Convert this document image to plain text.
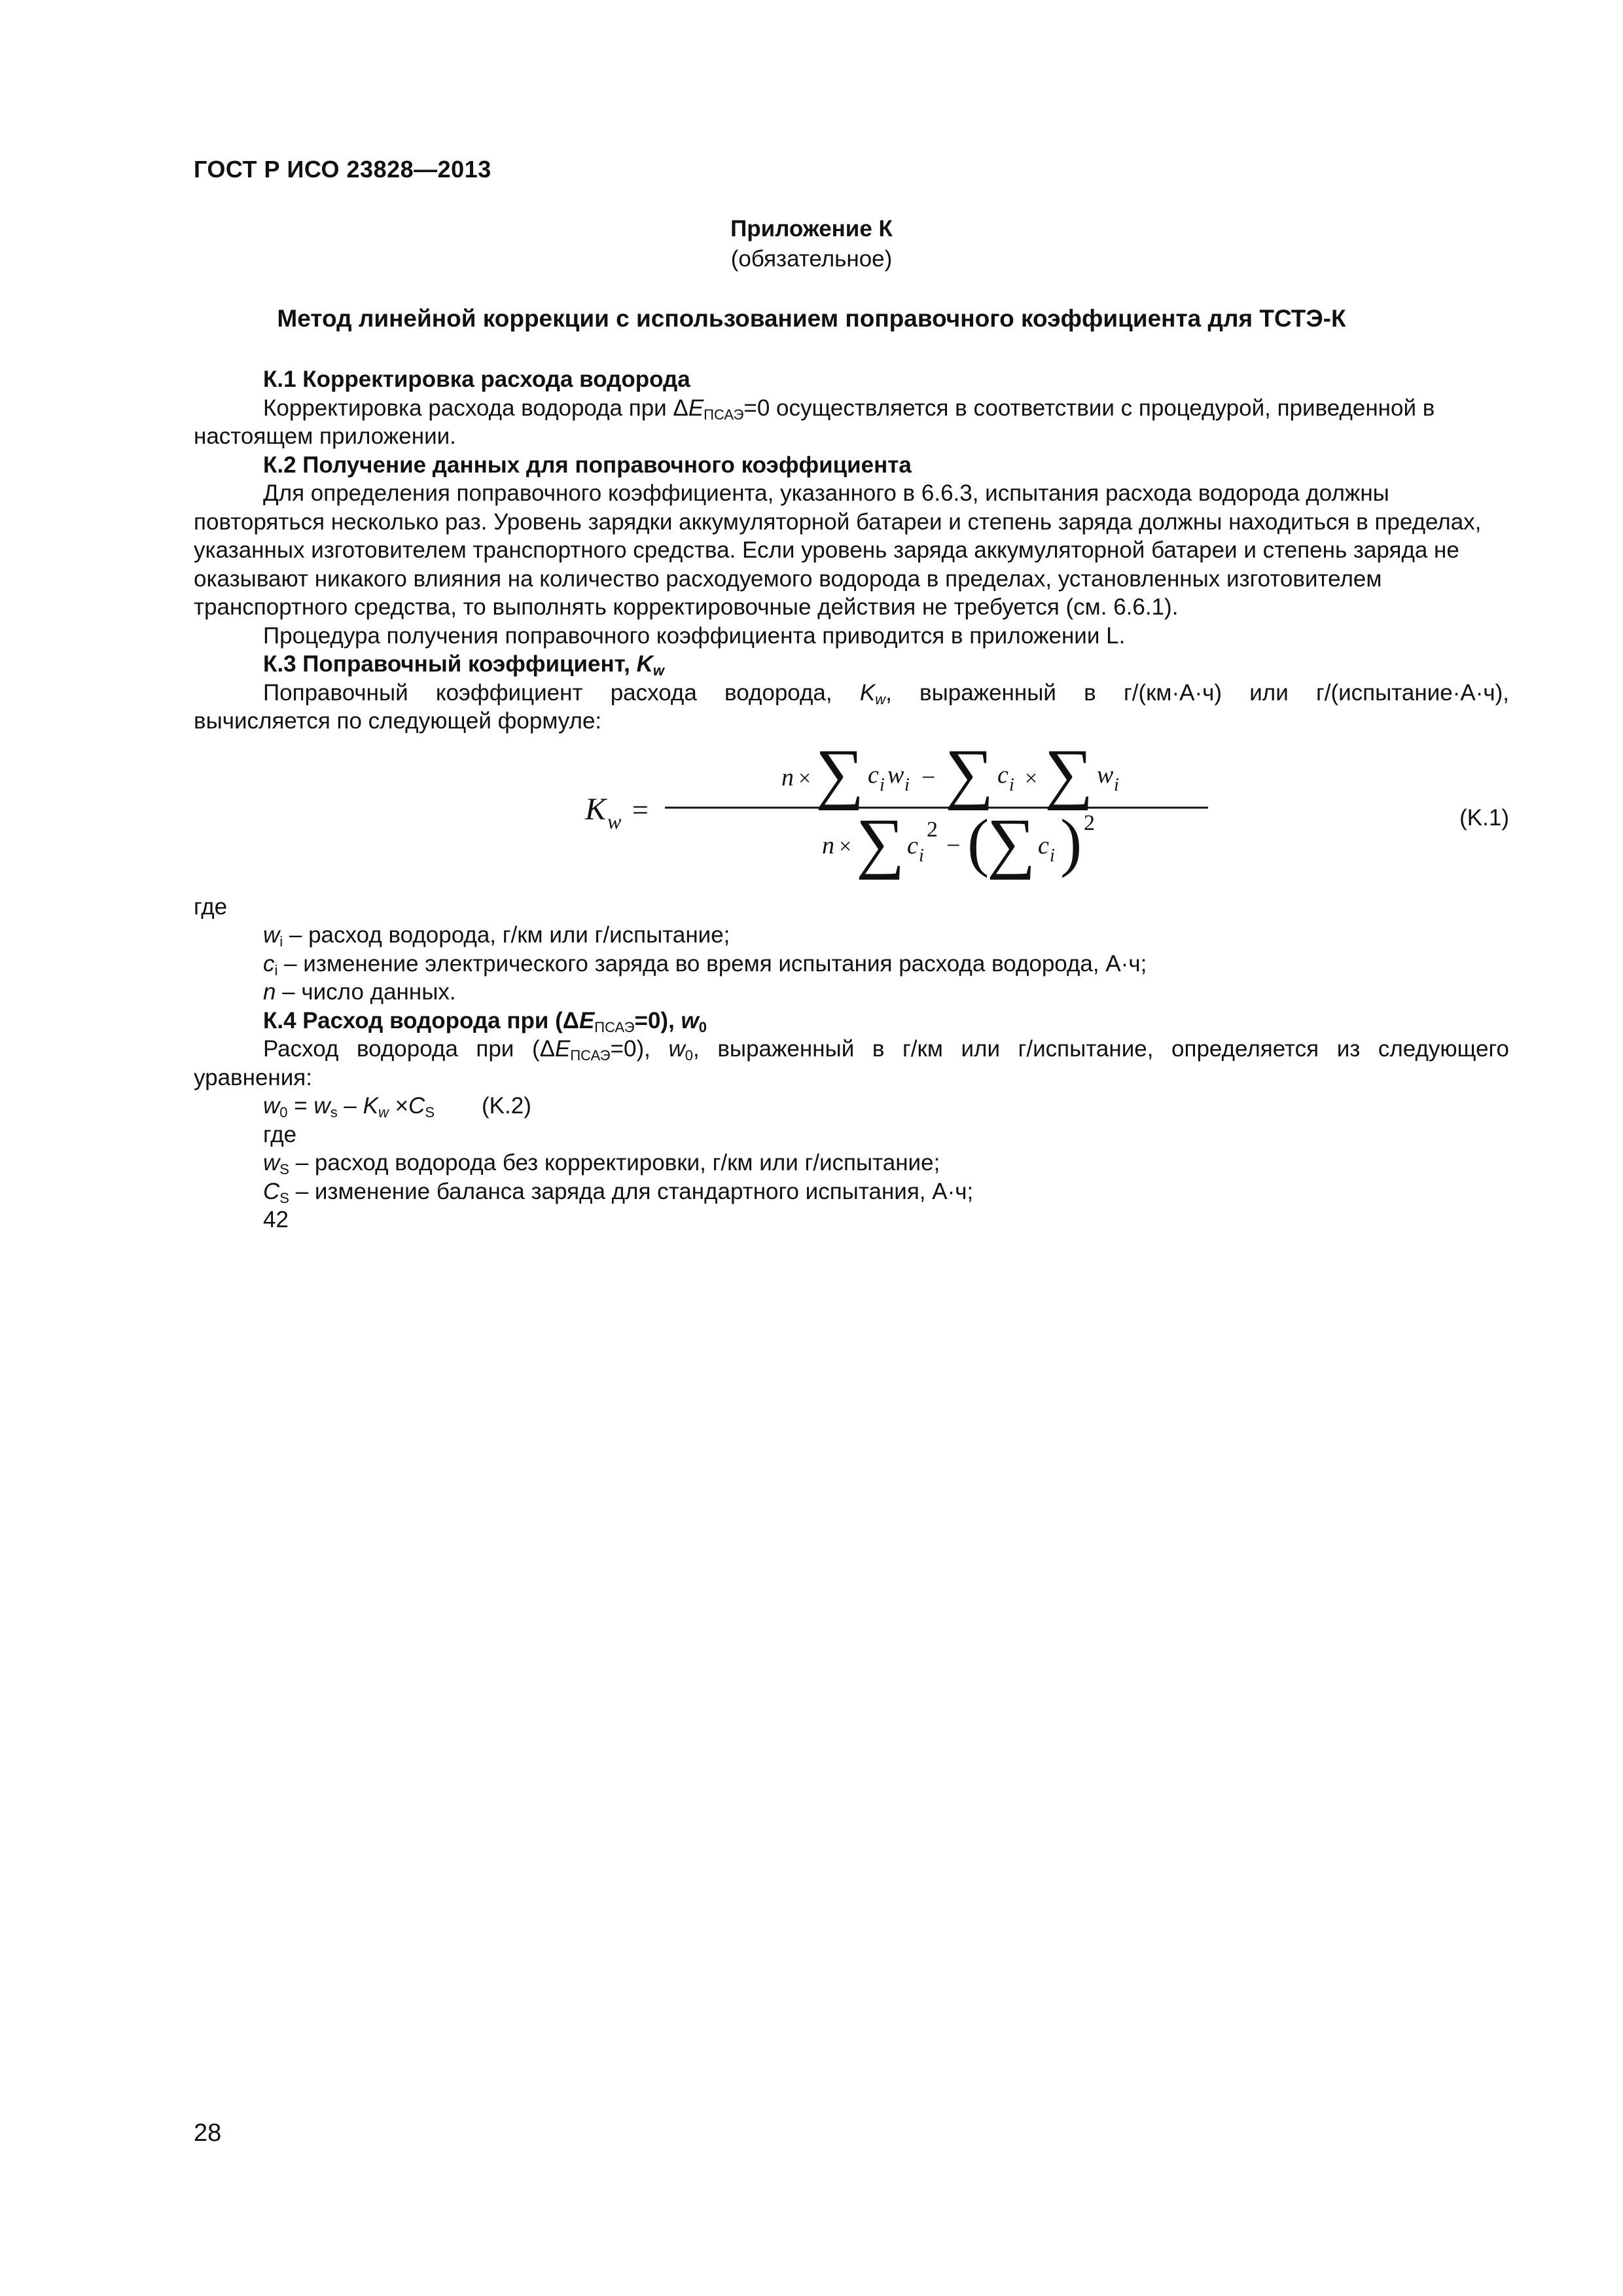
ГОСТ Р ИСО 23828—2013
Приложение К
(обязательное)
Метод линейной коррекции с использованием поправочного коэффициента для ТСТЭ-К

К.1 Корректировка расхода водорода

Корректировка расхода водорода при $\Delta E_{ПСАЭ}=0$ осуществляется в соответствии с процедурой, приведенной в настоящем приложении.

К.2 Получение данных для поправочного коэффициента

Для определения поправочного коэффициента, указанного в 6.6.3, испытания расхода водорода должны повторяться несколько раз. Уровень зарядки аккумуляторной батареи и степень заряда должны находиться в пределах, указанных изготовителем транспортного средства. Если уровень заряда аккумуляторной батареи и степень заряда не оказывают никакого влияния на количество расходуемого водорода в пределах, установленных изготовителем транспортного средства, то выполнять корректировочные действия не требуется (см. 6.6.1).

Процедура получения поправочного коэффициента приводится в приложении L.

К.3 Поправочный коэффициент, $K_w$

Поправочный коэффициент расхода водорода, $K_w$, выраженный в г/(км·А·ч) или г/(испытание·А·ч),

вычисляется по следующей формуле:

K w =
n × ∑ c i w i − ∑ c i × ∑ w i
n × ∑ c i
2
− (
∑ c i ) 2	(K.1)

где

$w_i$ – расход водорода, г/км или г/испытание;

$c_i$ – изменение электрического заряда во время испытания расхода водорода, А·ч;

n – число данных.

К.4 Расход водорода при $(\Delta E_{ПСАЭ}=0)$, $w_0$

Расход водорода при $(\Delta E_{ПСАЭ}=0)$, $w_0$, выраженный в г/км или г/испытание, определяется из следующего

уравнения:

$w_0 = w_s - K_w \times C_S$ (K.2)

где

$w_S$ – расход водорода без корректировки, г/км или г/испытание;

$C_S$ – изменение баланса заряда для стандартного испытания, А·ч;

42

28
